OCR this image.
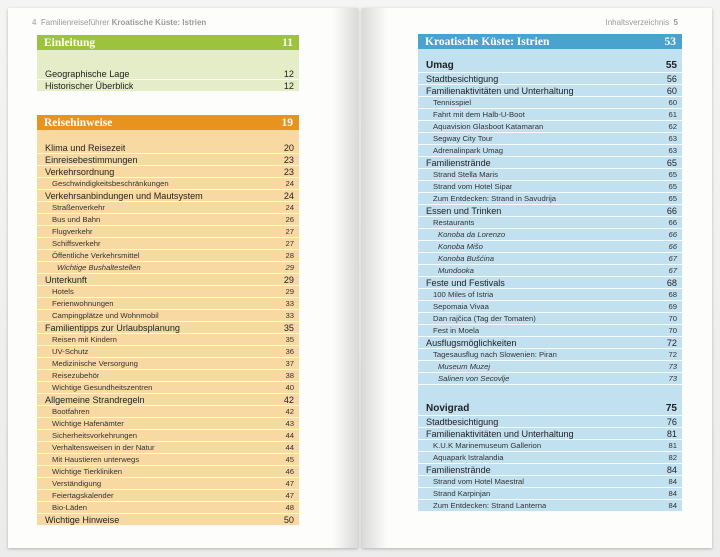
4 Familienreiseführer Kroatische Küste: Istrien
Einleitung	11
Geographische Lage	12
Historischer Überblick	12
Reisehinweise	19
Klima und Reisezeit	20
Einreisebestimmungen	23
Verkehrsordnung	23
Geschwindigkeitsbeschränkungen	24
Verkehrsanbindungen und Mautsystem	24
Straßenverkehr	24
Bus und Bahn	26
Flugverkehr	27
Schiffsverkehr	27
Öffentliche Verkehrsmittel	28
Wichtige Bushaltestellen	29
Unterkunft	29
Hotels	29
Ferienwohnungen	33
Campingplätze und Wohnmobil	33
Familientipps zur Urlaubsplanung	35
Reisen mit Kindern	35
UV-Schutz	36
Medizinische Versorgung	37
Reisezubehör	38
Wichtige Gesundheitszentren	40
Allgemeine Strandregeln	42
Bootfahren	42
Wichtige Hafenämter	43
Sicherheitsvorkehrungen	44
Verhaltensweisen in der Natur	44
Mit Haustieren unterwegs	45
Wichtige Tierkliniken	46
Verständigung	47
Feiertagskalender	47
Bio-Läden	48
Wichtige Hinweise	50
Inhaltsverzeichnis 5
Kroatische Küste: Istrien	53
Umag	55
Stadtbesichtigung	56
Familienaktivitäten und Unterhaltung	60
Tennisspiel	60
Fahrt mit dem Halb-U-Boot	61
Aquavision Glasboot Katamaran	62
Segway City Tour	63
Adrenalinpark Umag	63
Familienstrände	65
Strand Stella Maris	65
Strand vom Hotel Sipar	65
Zum Entdecken: Strand in Savudrija	65
Essen und Trinken	66
Restaurants	66
Konoba da Lorenzo	66
Konoba Mišo	66
Konoba Bušćina	67
Mundooka	67
Feste und Festivals	68
100 Miles of Istria	68
Sepomaia Vivaa	69
Dan rajčica (Tag der Tomaten)	70
Fest in Moela	70
Ausflugsmöglichkeiten	72
Tagesausflug nach Slowenien: Piran	72
Museum Muzej	73
Salinen von Secovlje	73
Novigrad	75
Stadtbesichtigung	76
Familienaktivitäten und Unterhaltung	81
K.U.K Marinemuseum Gallerion	81
Aquapark Istralandia	82
Familienstrände	84
Strand vom Hotel Maestral	84
Strand Karpinjan	84
Zum Entdecken: Strand Lanterna	84
